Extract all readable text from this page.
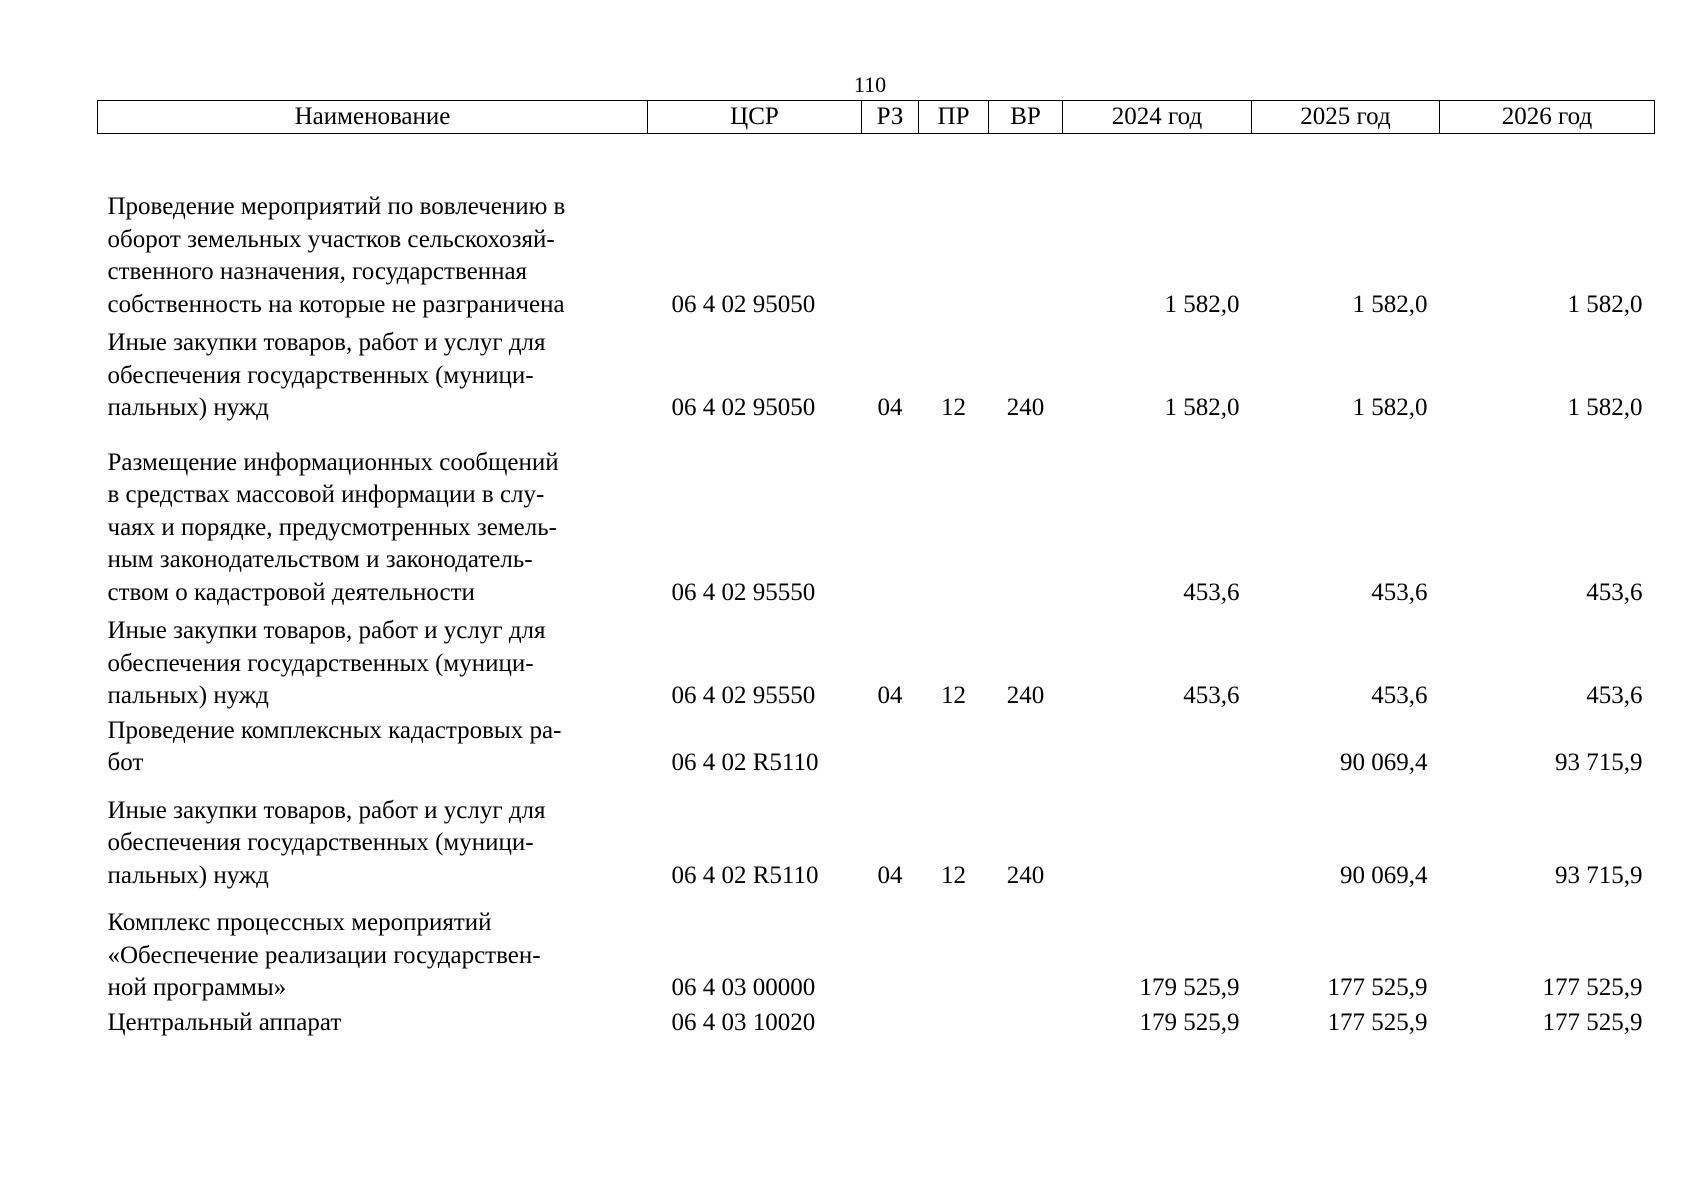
110
Наименование	ЦСР	РЗ	ПР	ВР	2024 год	2025 год	2026 год

Проведение мероприятий по вовлечению в
оборот земельных участков сельскохозяй-
ственного назначения, государственная
собственность на которые не разграничена	06 4 02 95050				1 582,0	1 582,0	1 582,0

Иные закупки товаров, работ и услуг для
обеспечения государственных (муници-
пальных) нужд	06 4 02 95050	04	12	240	1 582,0	1 582,0	1 582,0

Размещение информационных сообщений
в средствах массовой информации в слу-
чаях и порядке, предусмотренных земель-
ным законодательством и законодатель-
ством о кадастровой деятельности	06 4 02 95550				453,6	453,6	453,6

Иные закупки товаров, работ и услуг для
обеспечения государственных (муници-
пальных) нужд	06 4 02 95550	04	12	240	453,6	453,6	453,6

Проведение комплексных кадастровых ра-
бот	06 4 02 R5110					90 069,4	93 715,9

Иные закупки товаров, работ и услуг для
обеспечения государственных (муници-
пальных) нужд	06 4 02 R5110	04	12	240		90 069,4	93 715,9

Комплекс процессных мероприятий
«Обеспечение реализации государствен-
ной программы»	06 4 03 00000				179 525,9	177 525,9	177 525,9

Центральный аппарат	06 4 03 10020				179 525,9	177 525,9	177 525,9
